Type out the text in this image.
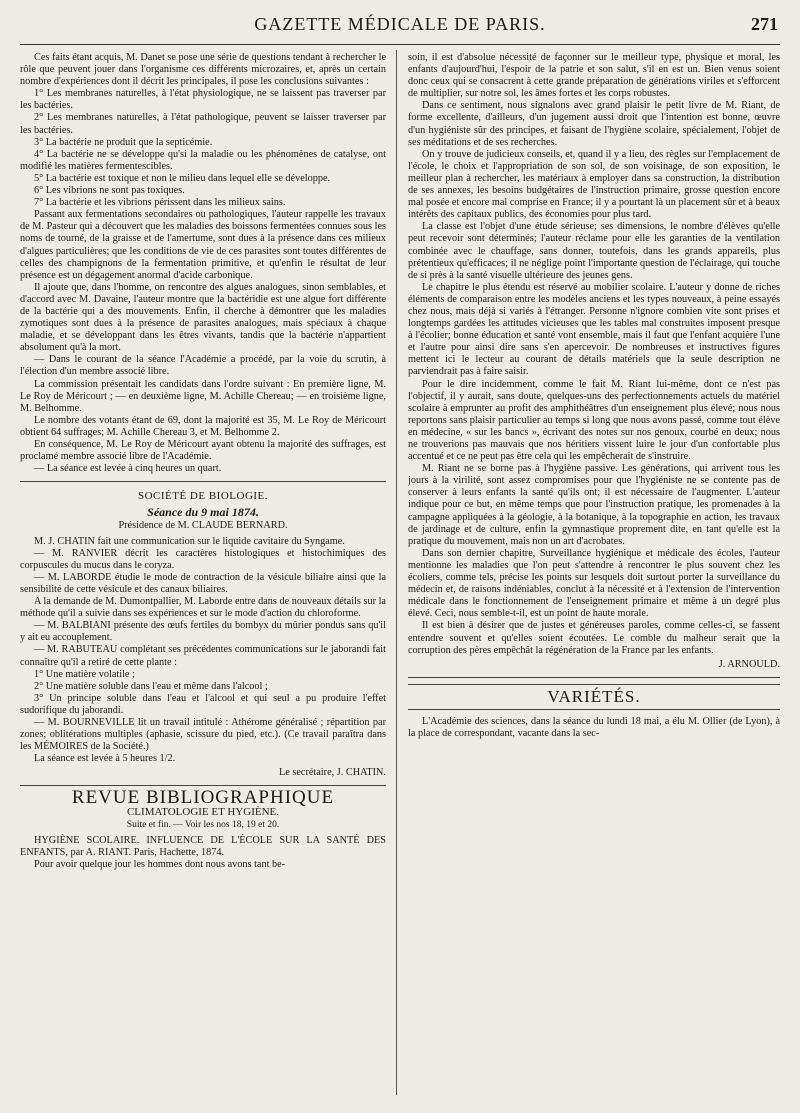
GAZETTE MÉDICALE DE PARIS.	271

Ces faits étant acquis, M. Danet se pose une série de questions tendant à rechercher le rôle que peuvent jouer dans l'organisme ces différents microzaires, et, après un certain nombre d'expériences dont il décrit les principales, il pose les conclusions suivantes :

1° Les membranes naturelles, à l'état physiologique, ne se laissent pas traverser par les bactéries.

2° Les membranes naturelles, à l'état pathologique, peuvent se laisser traverser par les bactéries.

3° La bactérie ne produit que la septicémie.

4° La bactérie ne se développe qu'si la maladie ou les phénomènes de catalyse, ont modifié les matières fermentescibles.

5° La bactérie est toxique et non le milieu dans lequel elle se développe.

6° Les vibrions ne sont pas toxiques.

7° La bactérie et les vibrions périssent dans les milieux sains.

Passant aux fermentations secondaires ou pathologiques, l'auteur rappelle les travaux de M. Pasteur qui a découvert que les maladies des boissons fermentées connues sous les noms de tourné, de la graisse et de l'amertume, sont dues à la présence dans ces milieux d'algues particulières; que les conditions de vie de ces parasites sont toutes différentes de celles des champignons de la fermentation primitive, et qu'enfin le résultat de leur présence est un dégagement anormal d'acide carbonique.

Il ajoute que, dans l'homme, on rencontre des algues analogues, sinon semblables, et d'accord avec M. Davaine, l'auteur montre que la bactéridie est une algue fort différente de la bactérie qui a des mouvements. Enfin, il cherche à démontrer que les maladies zymotiques sont dues à la présence de parasites analogues, mais spéciaux à chaque maladie, et se développant dans les êtres vivants, tandis que la bactérie n'appartient absolument qu'à la mort.

— Dans le courant de la séance l'Académie a procédé, par la voie du scrutin, à l'élection d'un membre associé libre.

La commission présentait les candidats dans l'ordre suivant : En première ligne, M. Le Roy de Méricourt ; — en deuxième ligne, M. Achille Chereau; — en troisième ligne, M. Belhomme.

Le nombre des votants étant de 69, dont la majorité est 35, M. Le Roy de Méricourt obtient 64 suffrages; M. Achille Chereau 3, et M. Belhomme 2.

En conséquence, M. Le Roy de Méricourt ayant obtenu la majorité des suffrages, est proclamé membre associé libre de l'Académie.

— La séance est levée à cinq heures un quart.

SOCIÉTÉ DE BIOLOGIE.
Séance du 9 mai 1874.
Présidence de M. CLAUDE BERNARD.

M. J. CHATIN fait une communication sur le liquide cavitaire du Syngame.

— M. RANVIER décrit les caractères histologiques et histochimiques des corpuscules du mucus dans le coryza.

— M. LABORDE étudie le mode de contraction de la vésicule biliaire ainsi que la sensibilité de cette vésicule et des canaux biliaires.

A la demande de M. Dumontpallier, M. Laborde entre dans de nouveaux détails sur la méthode qu'il a suivie dans ses expériences et sur le mode d'action du chloroforme.

— M. BALBIANI présente des œufs fertiles du bombyx du mûrier pondus sans qu'il y ait eu accouplement.

— M. RABUTEAU complétant ses précédentes communications sur le jaborandi fait connaître qu'il a retiré de cette plante :

1° Une matière volatile ;

2° Une matière soluble dans l'eau et même dans l'alcool ;

3° Un principe soluble dans l'eau et l'alcool et qui seul a pu produire l'effet sudorifique du jaborandi.

— M. BOURNEVILLE lit un travail intitulé : Athérome généralisé ; répartition par zones; oblitérations multiples (aphasie, scissure du pied, etc.). (Ce travail paraîtra dans les MÉMOIRES de la Société.)

La séance est levée à 5 heures 1/2.

Le secrétaire, J. CHATIN.
REVUE BIBLIOGRAPHIQUE
CLIMATOLOGIE ET HYGIÈNE.
Suite et fin. — Voir les nos 18, 19 et 20.

HYGIÈNE SCOLAIRE. INFLUENCE DE L'ÉCOLE SUR LA SANTÉ DES ENFANTS, par A. RIANT. Paris, Hachette, 1874.

Pour avoir quelque jour les hommes dont nous avons tant be-

soin, il est d'absolue nécessité de façonner sur le meilleur type, physique et moral, les enfants d'aujourd'hui, l'espoir de la patrie et son salut, s'il en est un. Bien venus soient donc ceux qui se consacrent à cette grande préparation de générations viriles et s'efforcent de multiplier, sur notre sol, les âmes fortes et les corps robustes.

Dans ce sentiment, nous signalons avec grand plaisir le petit livre de M. Riant, de forme excellente, d'ailleurs, d'un jugement aussi droit que l'intention est bonne, œuvre d'un hygiéniste sûr des principes, et faisant de l'hygiène scolaire, spécialement, l'objet de ses méditations et de ses recherches.

On y trouve de judicieux conseils, et, quand il y a lieu, des règles sur l'emplacement de l'école, le choix et l'appropriation de son sol, de son voisinage, de son exposition, le meilleur plan à rechercher, les matériaux à employer dans sa construction, la distribution de ses annexes, les besoins budgétaires de l'instruction primaire, grosse question encore mal posée et encore mal comprise en France; il y a pourtant là un placement sûr et à beaux intérêts des capitaux publics, des économies pour plus tard.

La classe est l'objet d'une étude sérieuse; ses dimensions, le nombre d'élèves qu'elle peut recevoir sont déterminés; l'auteur réclame pour elle les garanties de la ventilation combinée avec le chauffage, sans donner, toutefois, dans les grands appareils, plus prétentieux qu'efficaces; il ne néglige point l'importante question de l'éclairage, qui touche de si près à la santé visuelle ultérieure des jeunes gens.

Le chapitre le plus étendu est réservé au mobilier scolaire. L'auteur y donne de riches éléments de comparaison entre les modèles anciens et les types nouveaux, à peine essayés chez nous, mais déjà si variés à l'étranger. Personne n'ignore combien vite sont prises et longtemps gardées les attitudes vicieuses que les tables mal construites imposent presque à l'écolier; bonne éducation et santé vont ensemble, mais il faut que l'enfant acquière l'une et l'autre pour ainsi dire sans s'en apercevoir. De nombreuses et instructives figures mettent ici le lecteur au courant de détails matériels que la seule description ne parviendrait pas à faire saisir.

Pour le dire incidemment, comme le fait M. Riant lui-même, dont ce n'est pas l'objectif, il y aurait, sans doute, quelques-uns des perfectionnements actuels du matériel scolaire à emprunter au profit des amphithéâtres d'un enseignement plus élevé; nous nous reportons sans plaisir particulier au temps si long que nous avons passé, comme tout élève en médecine, « sur les bancs », écrivant des notes sur nos genoux, courbé en deux; nous ne trouverions pas mauvais que nos héritiers vissent luire le jour d'un confortable plus accentué et ce ne peut pas être cela qui les empêcherait de s'instruire.

M. Riant ne se borne pas à l'hygiène passive. Les générations, qui arrivent tous les jours à la virilité, sont assez compromises pour que l'hygiéniste ne se contente pas de conserver à leurs enfants la santé qu'ils ont; il est nécessaire de l'augmenter. L'auteur indique pour ce but, en même temps que pour l'instruction pratique, les promenades à la campagne appliquées à la géologie, à la botanique, à la topographie en action, les travaux de jardinage et de culture, enfin la gymnastique proprement dite, en tant qu'elle est la pratique du mouvement, mais non un art d'acrobates.

Dans son dernier chapitre, Surveillance hygiénique et médicale des écoles, l'auteur mentionne les maladies que l'on peut s'attendre à rencontrer le plus souvent chez les écoliers, comme tels, précise les points sur lesquels doit surtout porter la surveillance du médecin et, de raisons indéniables, conclut à la nécessité et à l'extension de l'intervention médicale dans le fonctionnement de l'enseignement primaire et même à un degré plus élevé. Ceci, nous semble-t-il, est un point de haute morale.

Il est bien à désirer que de justes et généreuses paroles, comme celles-ci, se fassent entendre souvent et qu'elles soient écoutées. Le comble du malheur serait que la corruption des pères empêchât la régénération de la France par les enfants.

J. ARNOULD.
VARIÉTÉS.

L'Académie des sciences, dans la séance du lundi 18 mai, a élu M. Ollier (de Lyon), à la place de correspondant, vacante dans la sec-
